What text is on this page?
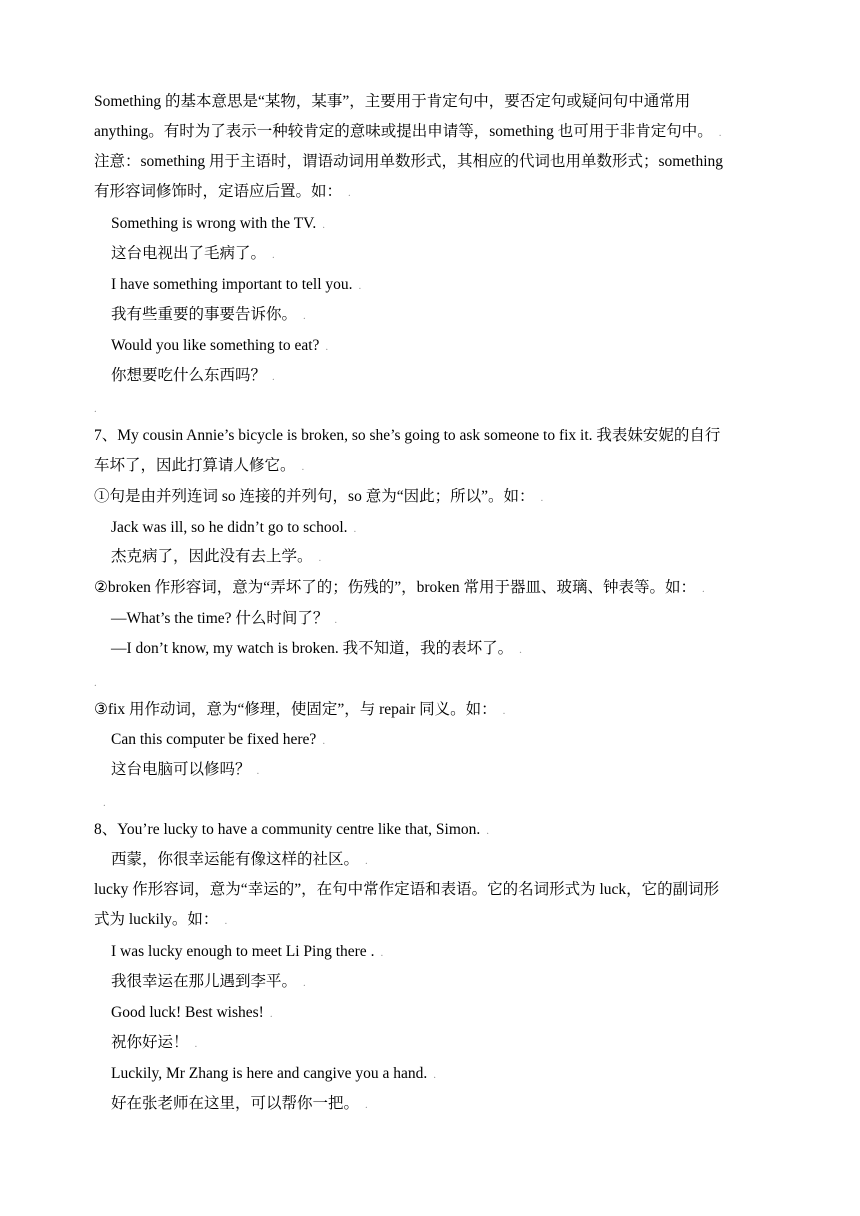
Something 的基本意思是“某物，某事”，主要用于肯定句中，要否定句或疑问句中通常用
anything。有时为了表示一种较肯定的意味或提出申请等，something 也可用于非肯定句中。 .
注意：something 用于主语时，谓语动词用单数形式，其相应的代词也用单数形式；something
有形容词修饰时，定语应后置。如： .
Something is wrong with the TV. .
这台电视出了毛病了。 .
I have something important to tell you. .
我有些重要的事要告诉你。 .
Would you like something to eat? .
你想要吃什么东西吗？ .
.
7、My cousin Annie’s bicycle is broken, so she’s going to ask someone to fix it. 我表妹安妮的自行
车坏了，因此打算请人修它。 .
①句是由并列连词 so 连接的并列句，so 意为“因此；所以”。如： .
Jack was ill, so he didn’t go to school. .
杰克病了，因此没有去上学。 .
②broken 作形容词，意为“弄坏了的；伤残的”，broken 常用于器皿、玻璃、钟表等。如： .
―What’s the time? 什么时间了？ .
―I don’t know, my watch is broken. 我不知道，我的表坏了。 .
.
③fix 用作动词，意为“修理，使固定”，与 repair 同义。如： .
Can this computer be fixed here? .
这台电脑可以修吗？ .
.
8、You’re lucky to have a community centre like that, Simon. .
西蒙，你很幸运能有像这样的社区。 .
lucky 作形容词，意为“幸运的”，在句中常作定语和表语。它的名词形式为 luck，它的副词形
式为 luckily。如： .
I was lucky enough to meet Li Ping there . .
我很幸运在那儿遇到李平。 .
Good luck! Best wishes! .
祝你好运！ .
Luckily, Mr Zhang is here and cangive you a hand. .
好在张老师在这里，可以帮你一把。 .
